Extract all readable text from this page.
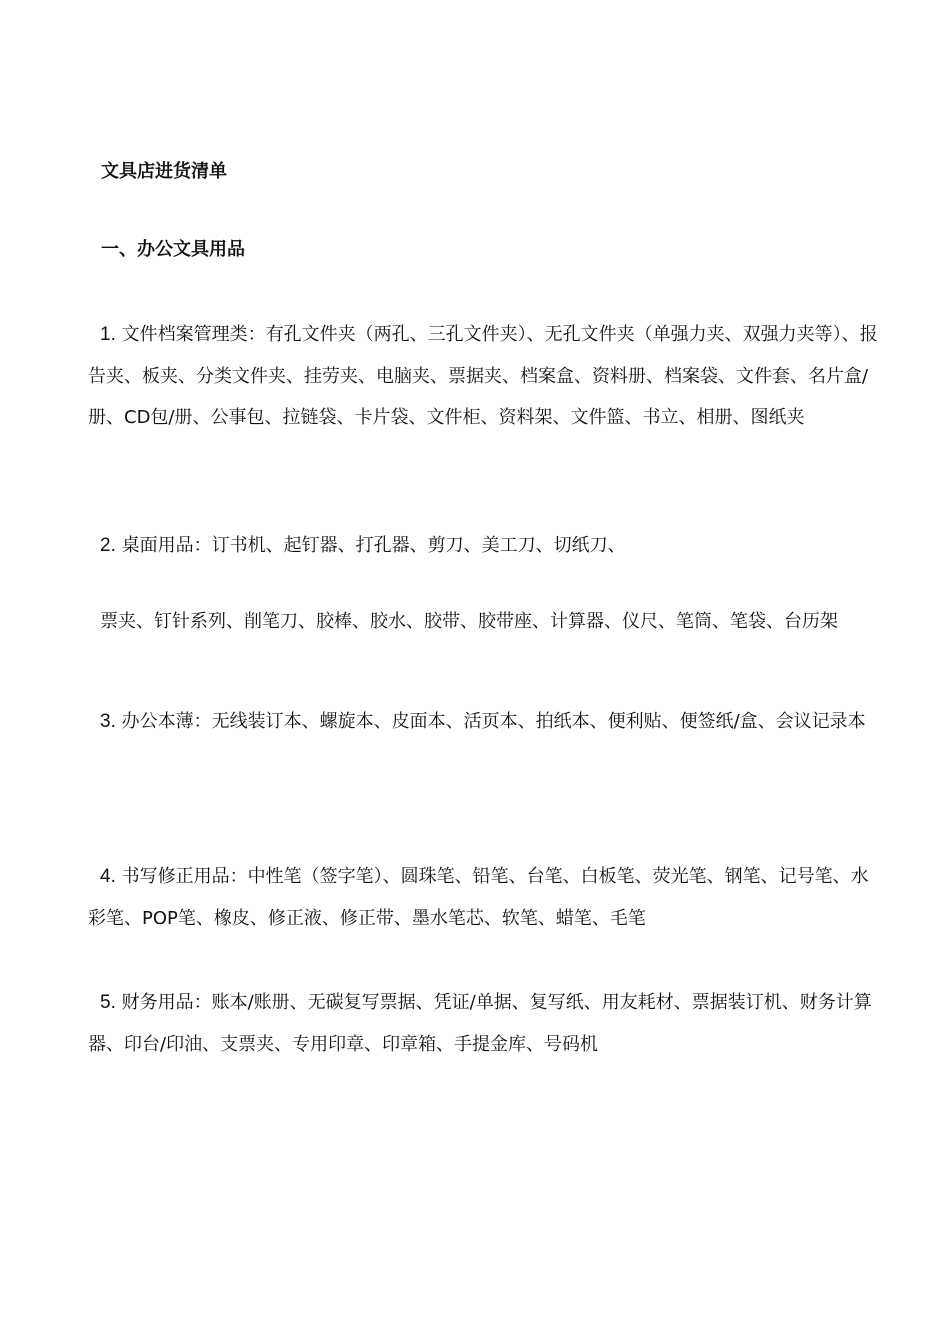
文具店进货清单
一、办公文具用品
1. 文件档案管理类：有孔文件夹（两孔、三孔文件夹）、无孔文件夹（单强力夹、双强力夹等）、报告夹、板夹、分类文件夹、挂劳夹、电脑夹、票据夹、档案盒、资料册、档案袋、文件套、名片盒/册、CD包/册、公事包、拉链袋、卡片袋、文件柜、资料架、文件篮、书立、相册、图纸夹
2. 桌面用品：订书机、起钉器、打孔器、剪刀、美工刀、切纸刀、
票夹、钉针系列、削笔刀、胶棒、胶水、胶带、胶带座、计算器、仪尺、笔筒、笔袋、台历架
3. 办公本薄：无线装订本、螺旋本、皮面本、活页本、拍纸本、便利贴、便签纸/盒、会议记录本
4. 书写修正用品：中性笔（签字笔）、圆珠笔、铅笔、台笔、白板笔、荧光笔、钢笔、记号笔、水彩笔、POP笔、橡皮、修正液、修正带、墨水笔芯、软笔、蜡笔、毛笔
5. 财务用品：账本/账册、无碳复写票据、凭证/单据、复写纸、用友耗材、票据装订机、财务计算器、印台/印油、支票夹、专用印章、印章箱、手提金库、号码机
